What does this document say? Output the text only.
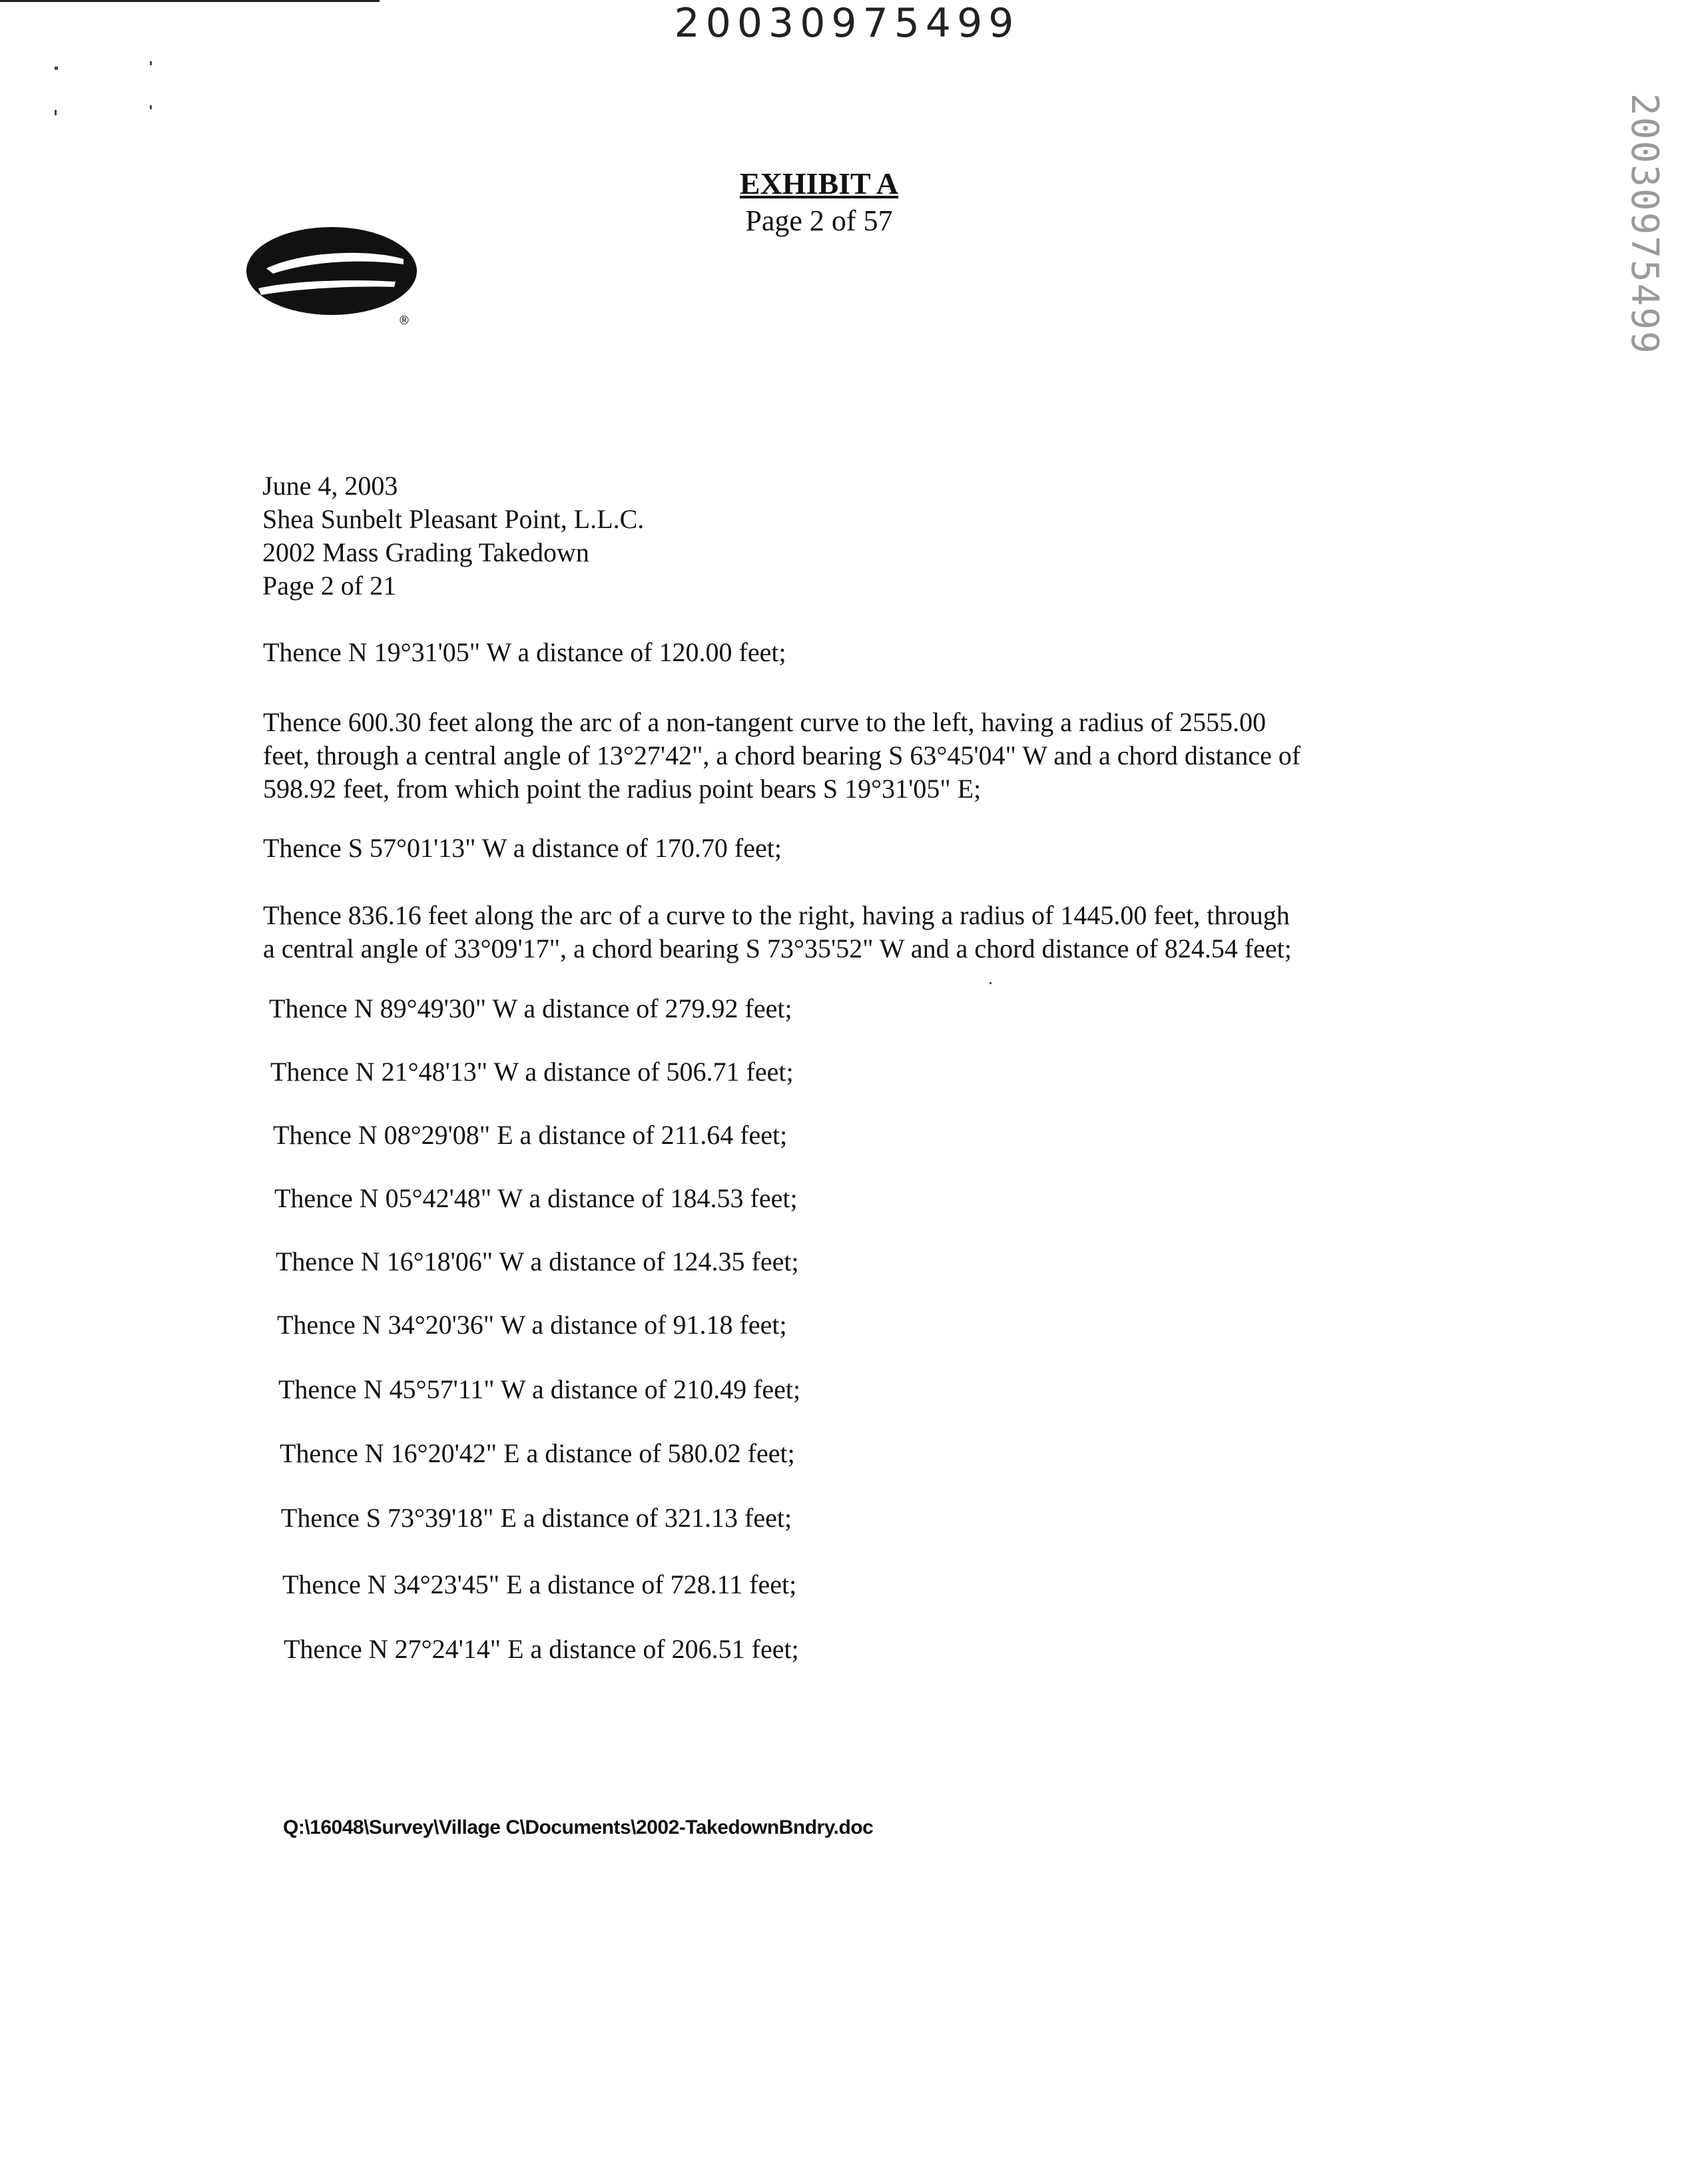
20030975499
20030975499
EXHIBIT A
Page 2 of 57
®
June 4, 2003
Shea Sunbelt Pleasant Point, L.L.C.
2002 Mass Grading Takedown
Page 2 of 21
Thence N 19°31'05" W a distance of 120.00 feet;
Thence 600.30 feet along the arc of a non-tangent curve to the left, having a radius of 2555.00
feet, through a central angle of 13°27'42", a chord bearing S 63°45'04" W and a chord distance of
598.92 feet, from which point the radius point bears S 19°31'05" E;
Thence S 57°01'13" W a distance of 170.70 feet;
Thence 836.16 feet along the arc of a curve to the right, having a radius of 1445.00 feet, through
a central angle of 33°09'17", a chord bearing S 73°35'52" W and a chord distance of 824.54 feet;
Thence N 89°49'30" W a distance of 279.92 feet;
Thence N 21°48'13" W a distance of 506.71 feet;
Thence N 08°29'08" E a distance of 211.64 feet;
Thence N 05°42'48" W a distance of 184.53 feet;
Thence N 16°18'06" W a distance of 124.35 feet;
Thence N 34°20'36" W a distance of 91.18 feet;
Thence N 45°57'11" W a distance of 210.49 feet;
Thence N 16°20'42" E a distance of 580.02 feet;
Thence S 73°39'18" E a distance of 321.13 feet;
Thence N 34°23'45" E a distance of 728.11 feet;
Thence N 27°24'14" E a distance of 206.51 feet;
Q:\16048\Survey\Village C\Documents\2002-TakedownBndry.doc
